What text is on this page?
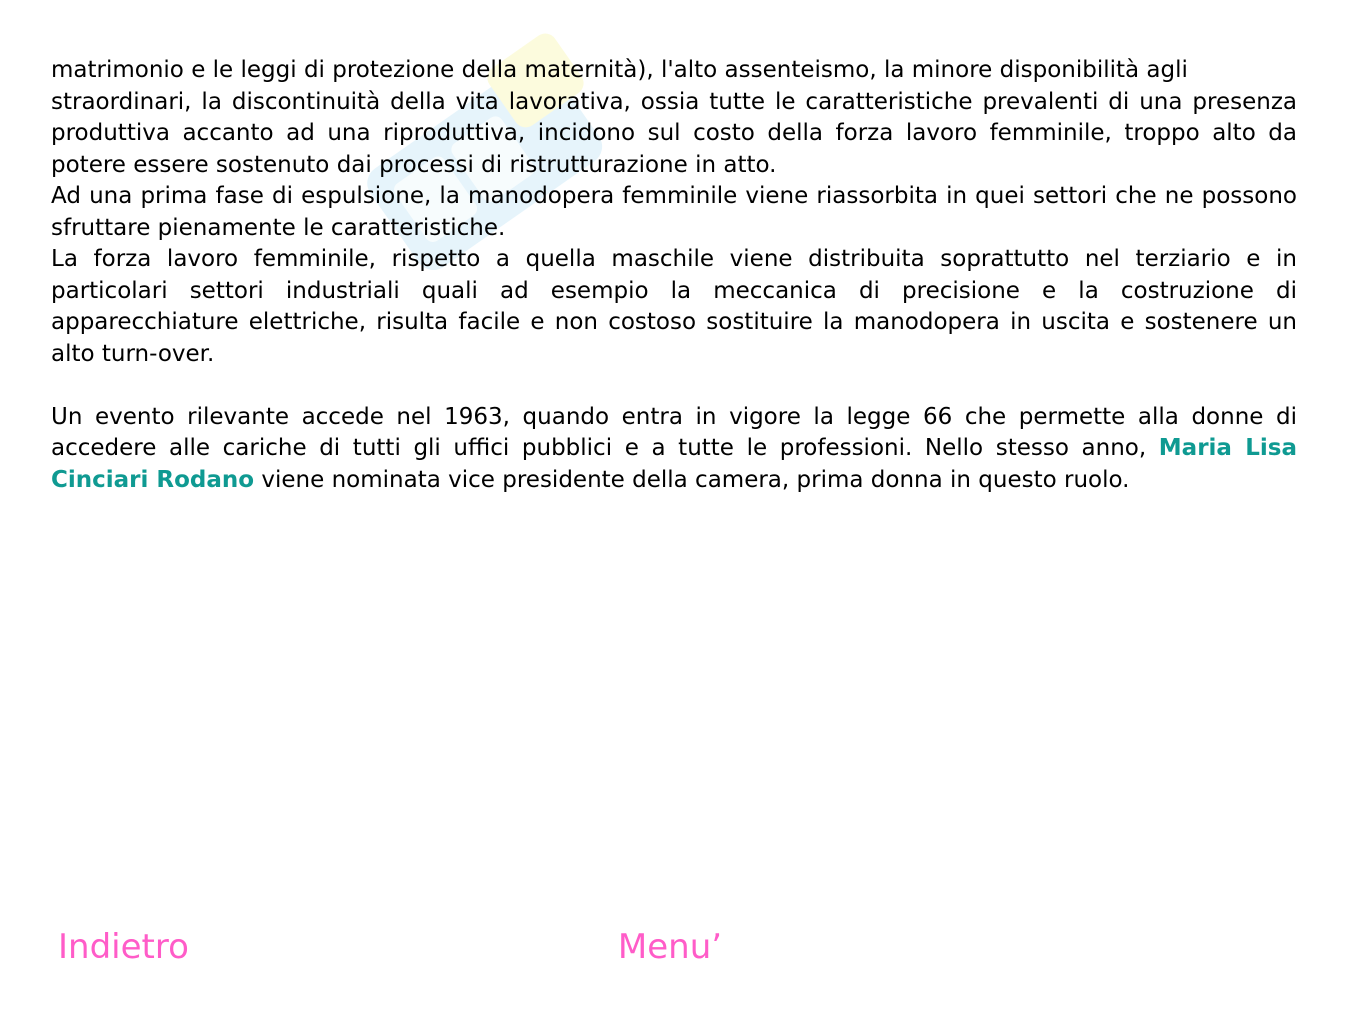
matrimonio e le leggi di protezione della maternità), l'alto assenteismo, la minore disponibilità agli

straordinari, la discontinuità della vita lavorativa, ossia tutte le caratteristiche prevalenti di una presenza produttiva accanto ad una riproduttiva, incidono sul costo della forza lavoro femminile, troppo alto da potere essere sostenuto dai processi di ristrutturazione in atto.

Ad una prima fase di espulsione, la manodopera femminile viene riassorbita in quei settori che ne possono sfruttare pienamente le caratteristiche.

La forza lavoro femminile, rispetto a quella maschile viene distribuita soprattutto nel terziario e in particolari settori industriali quali ad esempio la meccanica di precisione e la costruzione di apparecchiature elettriche, risulta facile e non costoso sostituire la manodopera in uscita e sostenere un alto turn-over.

Un evento rilevante accede nel 1963, quando entra in vigore la legge 66 che permette alla donne di accedere alle cariche di tutti gli uffici pubblici e a tutte le professioni. Nello stesso anno, Maria Lisa Cinciari Rodano viene nominata vice presidente della camera, prima donna in questo ruolo.

Indietro	Menu’
